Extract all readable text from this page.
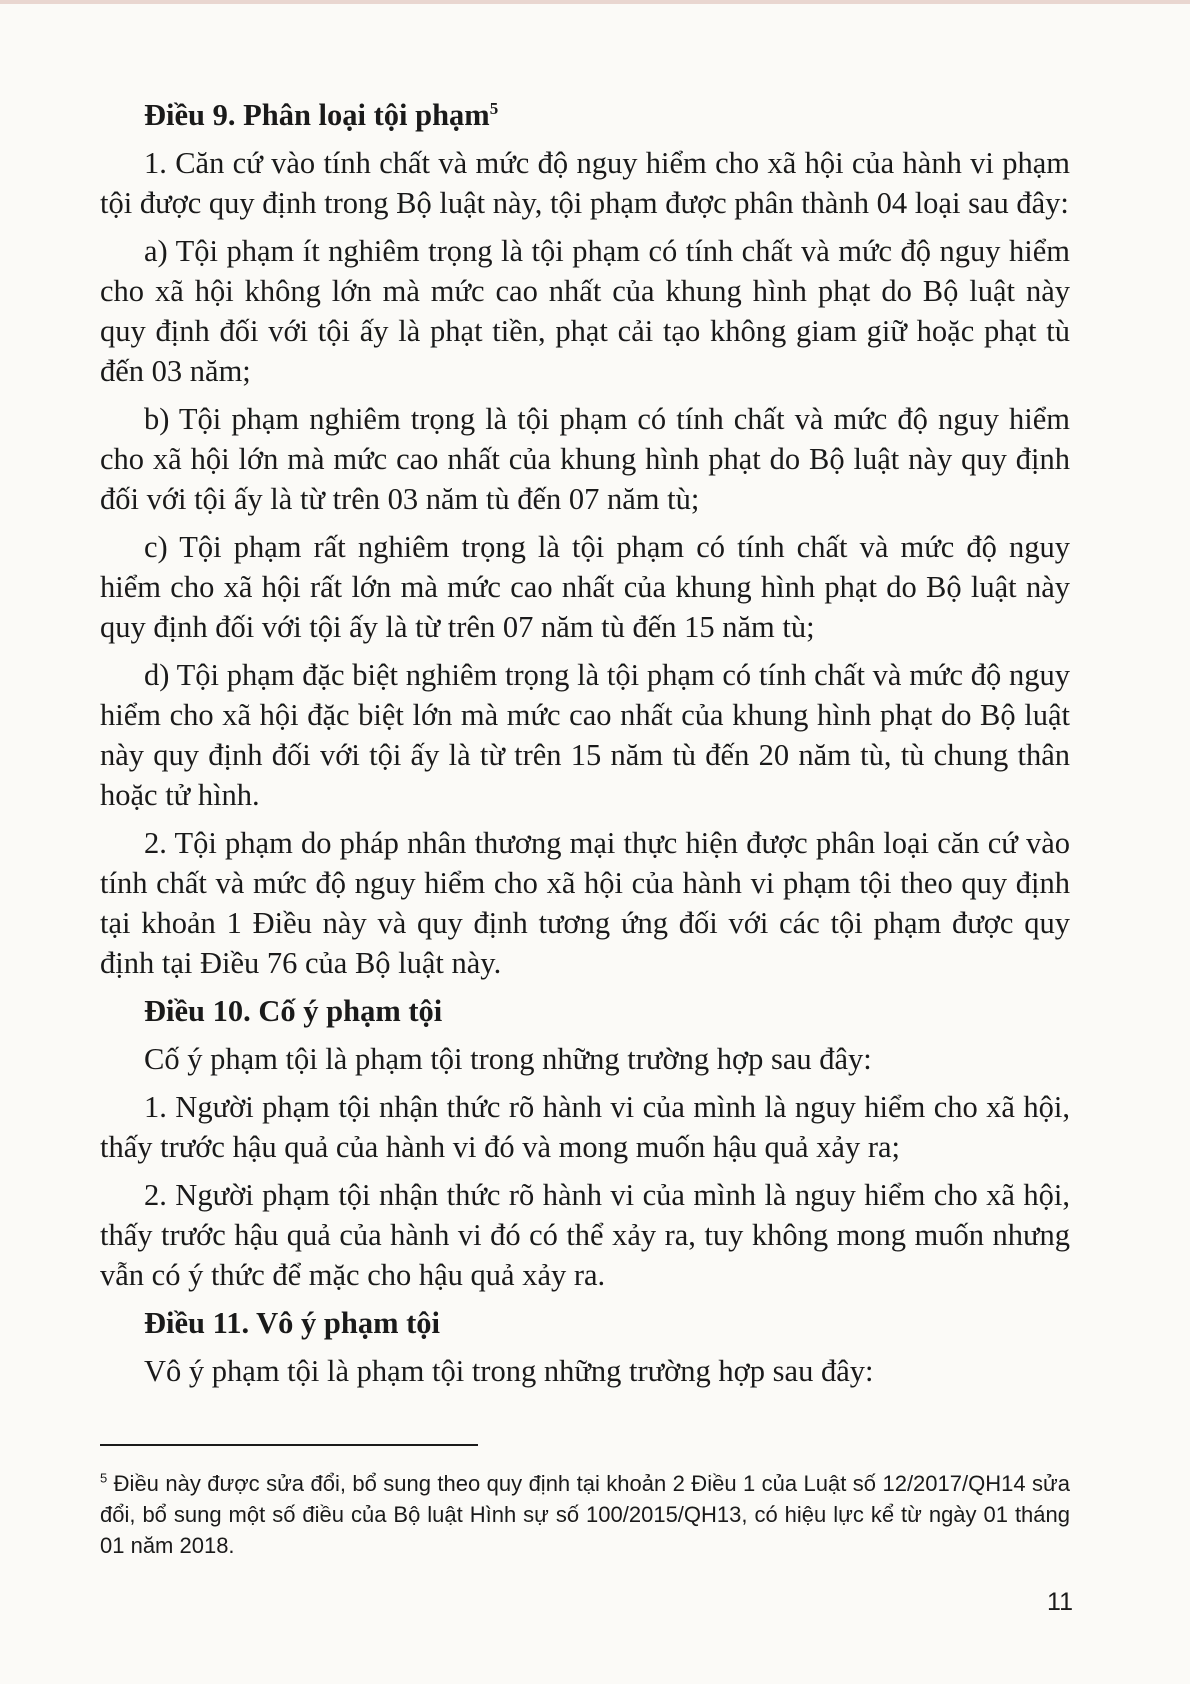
Điều 9. Phân loại tội phạm$^5$

1. Căn cứ vào tính chất và mức độ nguy hiểm cho xã hội của hành vi phạm tội được quy định trong Bộ luật này, tội phạm được phân thành 04 loại sau đây:

a) Tội phạm ít nghiêm trọng là tội phạm có tính chất và mức độ nguy hiểm cho xã hội không lớn mà mức cao nhất của khung hình phạt do Bộ luật này quy định đối với tội ấy là phạt tiền, phạt cải tạo không giam giữ hoặc phạt tù đến 03 năm;

b) Tội phạm nghiêm trọng là tội phạm có tính chất và mức độ nguy hiểm cho xã hội lớn mà mức cao nhất của khung hình phạt do Bộ luật này quy định đối với tội ấy là từ trên 03 năm tù đến 07 năm tù;

c) Tội phạm rất nghiêm trọng là tội phạm có tính chất và mức độ nguy hiểm cho xã hội rất lớn mà mức cao nhất của khung hình phạt do Bộ luật này quy định đối với tội ấy là từ trên 07 năm tù đến 15 năm tù;

d) Tội phạm đặc biệt nghiêm trọng là tội phạm có tính chất và mức độ nguy hiểm cho xã hội đặc biệt lớn mà mức cao nhất của khung hình phạt do Bộ luật này quy định đối với tội ấy là từ trên 15 năm tù đến 20 năm tù, tù chung thân hoặc tử hình.

2. Tội phạm do pháp nhân thương mại thực hiện được phân loại căn cứ vào tính chất và mức độ nguy hiểm cho xã hội của hành vi phạm tội theo quy định tại khoản 1 Điều này và quy định tương ứng đối với các tội phạm được quy định tại Điều 76 của Bộ luật này.

Điều 10. Cố ý phạm tội

Cố ý phạm tội là phạm tội trong những trường hợp sau đây:

1. Người phạm tội nhận thức rõ hành vi của mình là nguy hiểm cho xã hội, thấy trước hậu quả của hành vi đó và mong muốn hậu quả xảy ra;

2. Người phạm tội nhận thức rõ hành vi của mình là nguy hiểm cho xã hội, thấy trước hậu quả của hành vi đó có thể xảy ra, tuy không mong muốn nhưng vẫn có ý thức để mặc cho hậu quả xảy ra.

Điều 11. Vô ý phạm tội

Vô ý phạm tội là phạm tội trong những trường hợp sau đây:

$^5$ Điều này được sửa đổi, bổ sung theo quy định tại khoản 2 Điều 1 của Luật số 12/2017/QH14 sửa đổi, bổ sung một số điều của Bộ luật Hình sự số 100/2015/QH13, có hiệu lực kể từ ngày 01 tháng 01 năm 2018.

11
